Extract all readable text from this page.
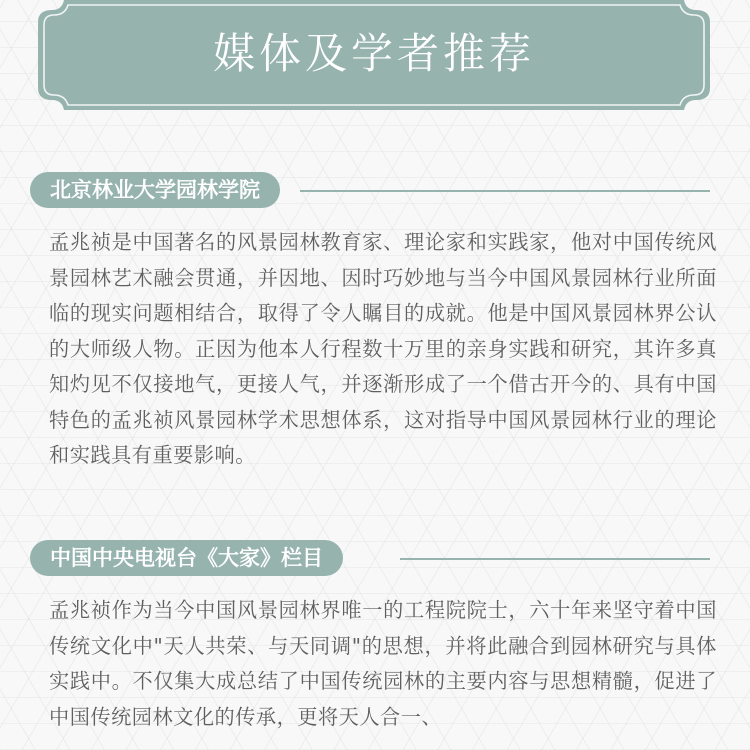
媒体及学者推荐
北京林业大学园林学院
孟兆祯是中国著名的风景园林教育家、理论家和实践家，他对中国传统风景园林艺术融会贯通，并因地、因时巧妙地与当今中国风景园林行业所面临的现实问题相结合，取得了令人瞩目的成就。他是中国风景园林界公认的大师级人物。正因为他本人行程数十万里的亲身实践和研究，其许多真知灼见不仅接地气，更接人气，并逐渐形成了一个借古开今的、具有中国特色的孟兆祯风景园林学术思想体系，这对指导中国风景园林行业的理论和实践具有重要影响。
中国中央电视台《大家》栏目
孟兆祯作为当今中国风景园林界唯一的工程院院士，六十年来坚守着中国传统文化中"天人共荣、与天同调"的思想，并将此融合到园林研究与具体实践中。不仅集大成总结了中国传统园林的主要内容与思想精髓，促进了中国传统园林文化的传承，更将天人合一、
